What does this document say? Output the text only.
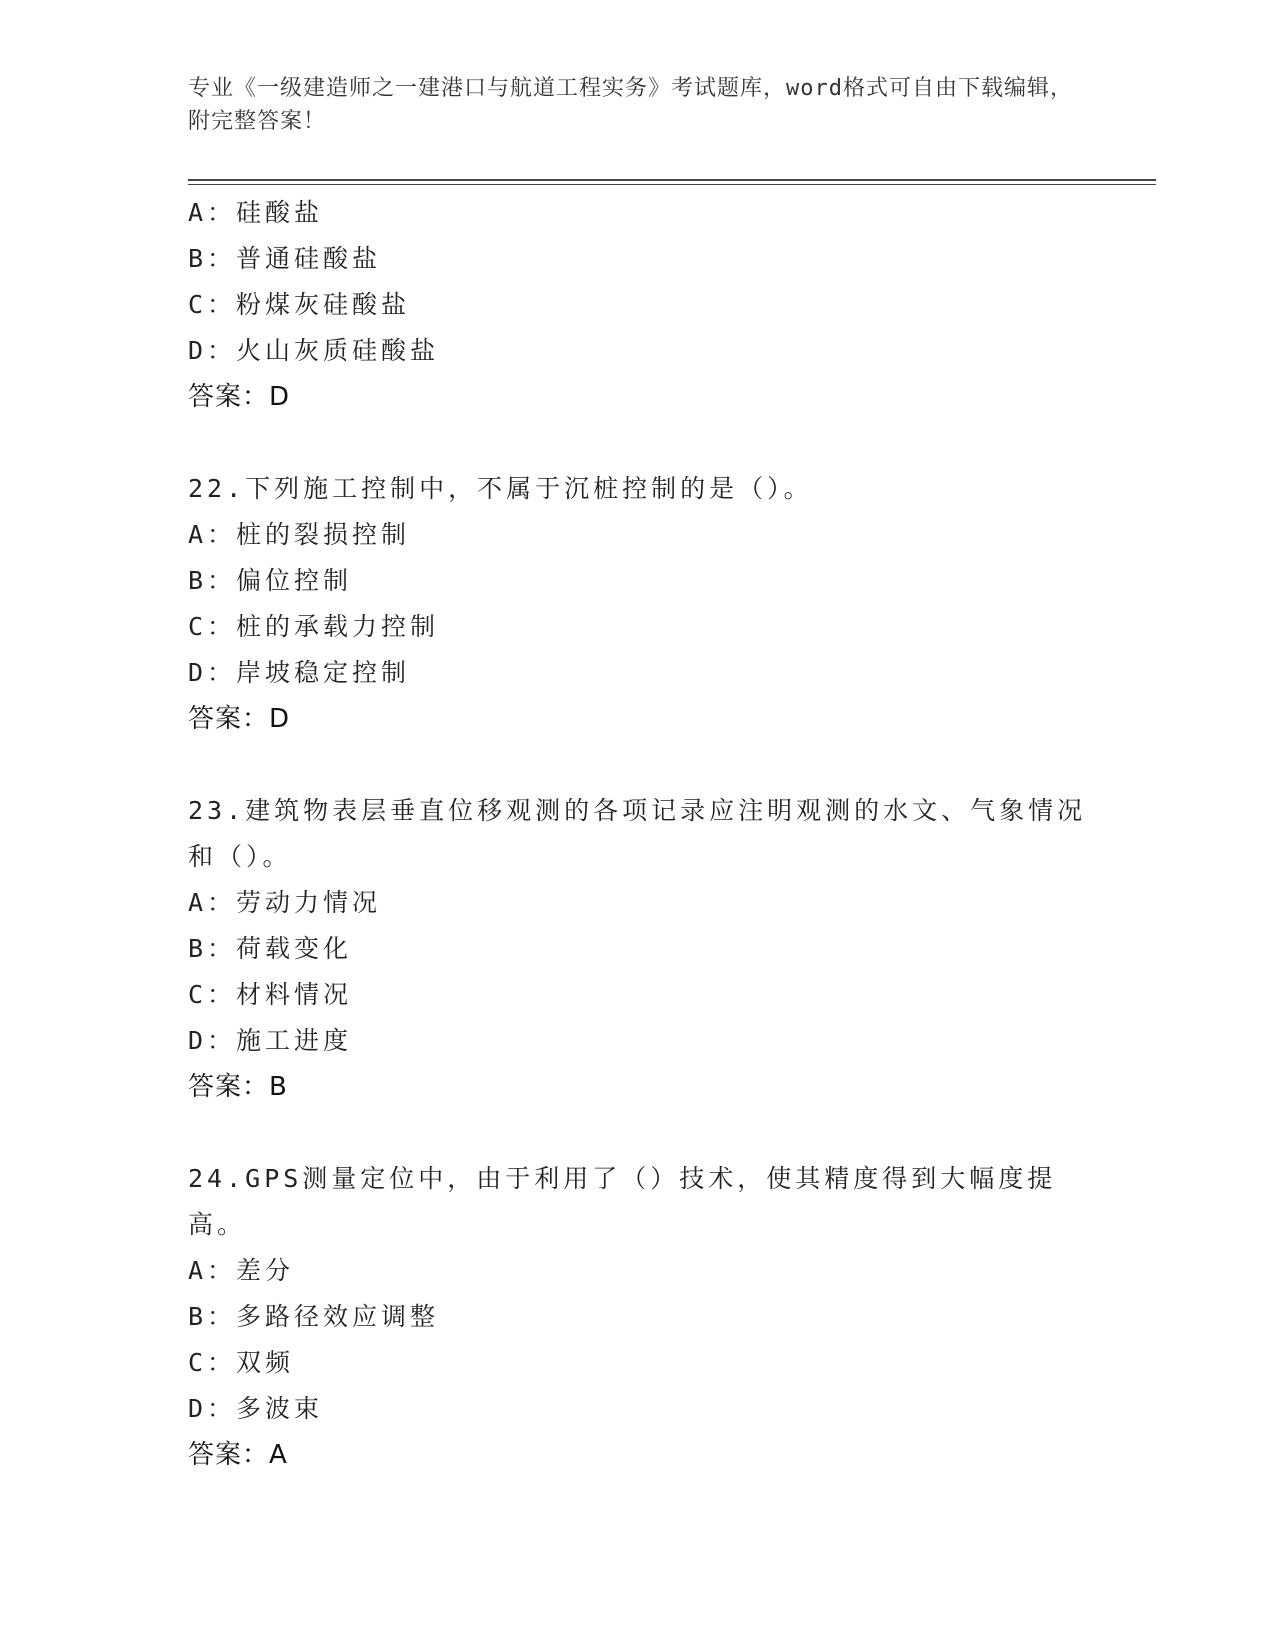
专业《一级建造师之一建港口与航道工程实务》考试题库，word格式可自由下载编辑，附完整答案！
A：硅酸盐
B：普通硅酸盐
C：粉煤灰硅酸盐
D：火山灰质硅酸盐
答案：D
22.下列施工控制中，不属于沉桩控制的是（）。
A：桩的裂损控制
B：偏位控制
C：桩的承载力控制
D：岸坡稳定控制
答案：D
23.建筑物表层垂直位移观测的各项记录应注明观测的水文、气象情况和（）。
A：劳动力情况
B：荷载变化
C：材料情况
D：施工进度
答案：B
24.GPS测量定位中，由于利用了（）技术，使其精度得到大幅度提高。
A：差分
B：多路径效应调整
C：双频
D：多波束
答案：A
